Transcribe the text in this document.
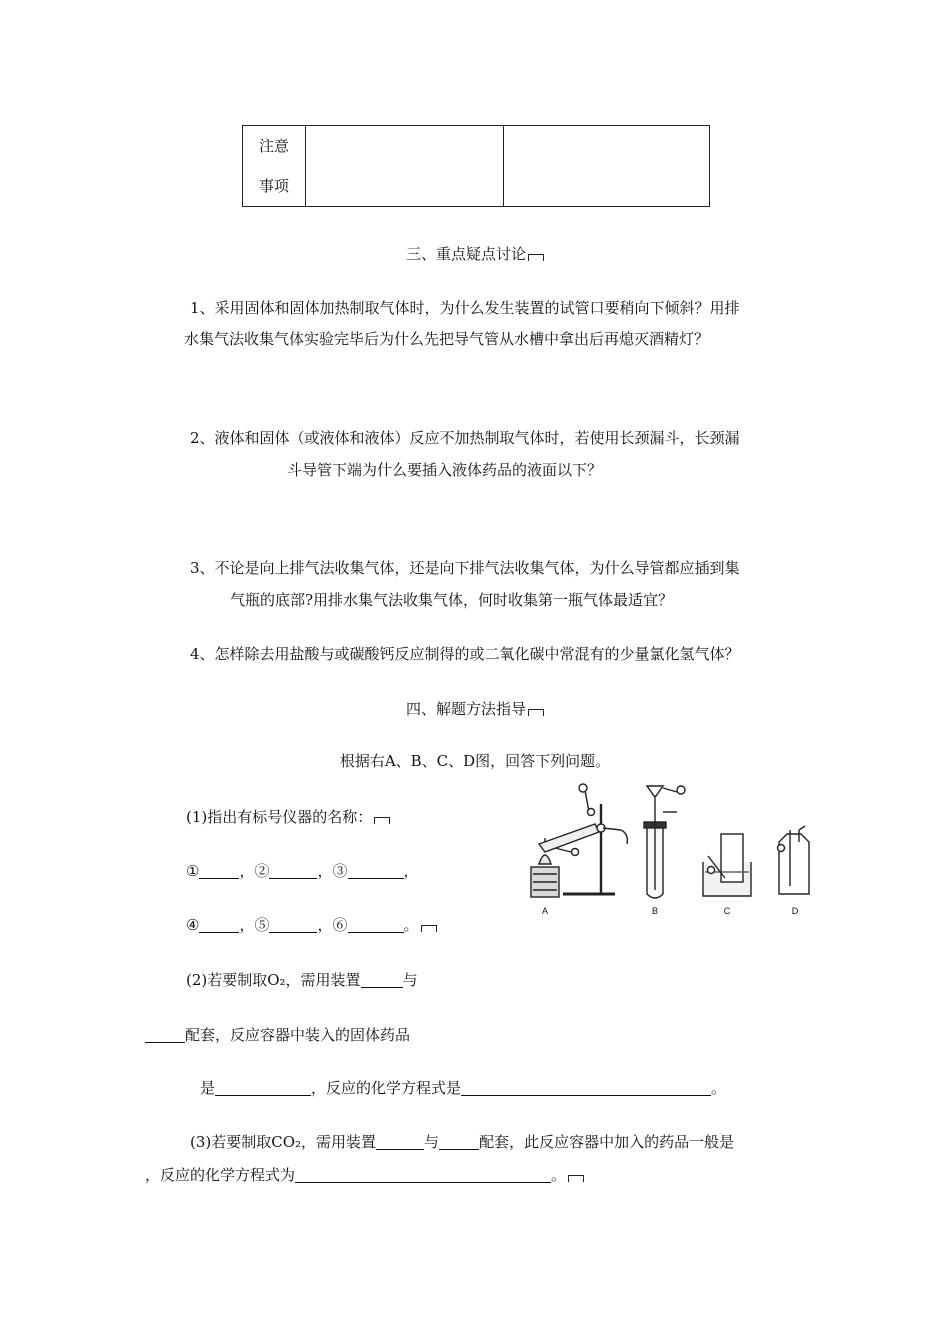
注意
事项

三、重点疑点讨论
1、采用固体和固体加热制取气体时，为什么发生装置的试管口要稍向下倾斜？用排
水集气法收集气体实验完毕后为什么先把导气管从水槽中拿出后再熄灭酒精灯？
2、液体和固体（或液体和液体）反应不加热制取气体时，若使用长颈漏斗，长颈漏
斗导管下端为什么要插入液体药品的液面以下？
3、不论是向上排气法收集气体，还是向下排气法收集气体，为什么导管都应插到集
气瓶的底部?用排水集气法收集气体，何时收集第一瓶气体最适宜？
4、怎样除去用盐酸与或碳酸钙反应制得的或二氧化碳中常混有的少量氯化氢气体？
四、解题方法指导
根据右A、B、C、D图，回答下列问题。
(1)指出有标号仪器的名称：
①	，②	，③	，
④	，⑤	，⑥	。
(2)若要制取O₂，需用装置	与
配套，反应容器中装入的固体药品
是	，反应的化学方程式是	。
(3)若要制取CO₂，需用装置	与	配套，此反应容器中加入的药品一般是
，反应的化学方程式为	。
A	B	C	D
